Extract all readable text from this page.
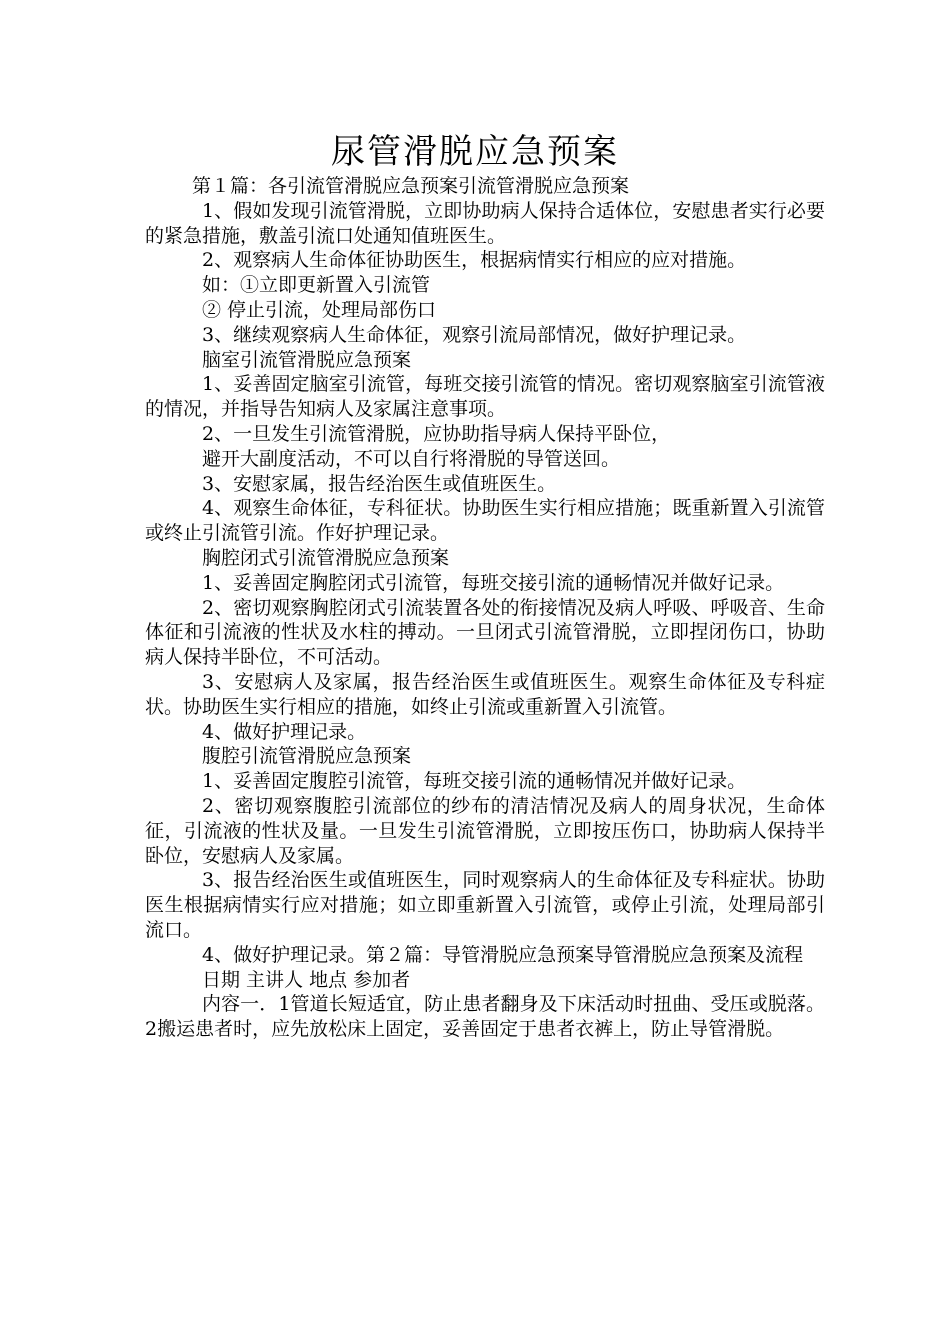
尿管滑脱应急预案

第１篇：各引流管滑脱应急预案引流管滑脱应急预案

1、假如发现引流管滑脱，立即协助病人保持合适体位，安慰患者实行必要的紧急措施，敷盖引流口处通知值班医生。

2、观察病人生命体征协助医生，根据病情实行相应的应对措施。

如：①立即更新置入引流管

② 停止引流，处理局部伤口

3、继续观察病人生命体征，观察引流局部情况，做好护理记录。

脑室引流管滑脱应急预案

1、妥善固定脑室引流管，每班交接引流管的情况。密切观察脑室引流管液的情况，并指导告知病人及家属注意事项。

2、一旦发生引流管滑脱，应协助指导病人保持平卧位，

避开大副度活动，不可以自行将滑脱的导管送回。

3、安慰家属，报告经治医生或值班医生。

4、观察生命体征，专科征状。协助医生实行相应措施；既重新置入引流管或终止引流管引流。作好护理记录。

胸腔闭式引流管滑脱应急预案

1、妥善固定胸腔闭式引流管，每班交接引流的通畅情况并做好记录。

2、密切观察胸腔闭式引流装置各处的衔接情况及病人呼吸、呼吸音、生命体征和引流液的性状及水柱的搏动。一旦闭式引流管滑脱，立即捏闭伤口，协助病人保持半卧位，不可活动。

3、安慰病人及家属，报告经治医生或值班医生。观察生命体征及专科症状。协助医生实行相应的措施，如终止引流或重新置入引流管。

4、做好护理记录。

腹腔引流管滑脱应急预案

1、妥善固定腹腔引流管，每班交接引流的通畅情况并做好记录。

2、密切观察腹腔引流部位的纱布的清洁情况及病人的周身状况，生命体征，引流液的性状及量。一旦发生引流管滑脱，立即按压伤口，协助病人保持半卧位，安慰病人及家属。

3、报告经治医生或值班医生，同时观察病人的生命体征及专科症状。协助医生根据病情实行应对措施；如立即重新置入引流管，或停止引流，处理局部引流口。

4、做好护理记录。第２篇：导管滑脱应急预案导管滑脱应急预案及流程

日期 主讲人 地点 参加者

内容一．1管道长短适宜，防止患者翻身及下床活动时扭曲、受压或脱落。 2搬运患者时，应先放松床上固定，妥善固定于患者衣裤上，防止导管滑脱。
